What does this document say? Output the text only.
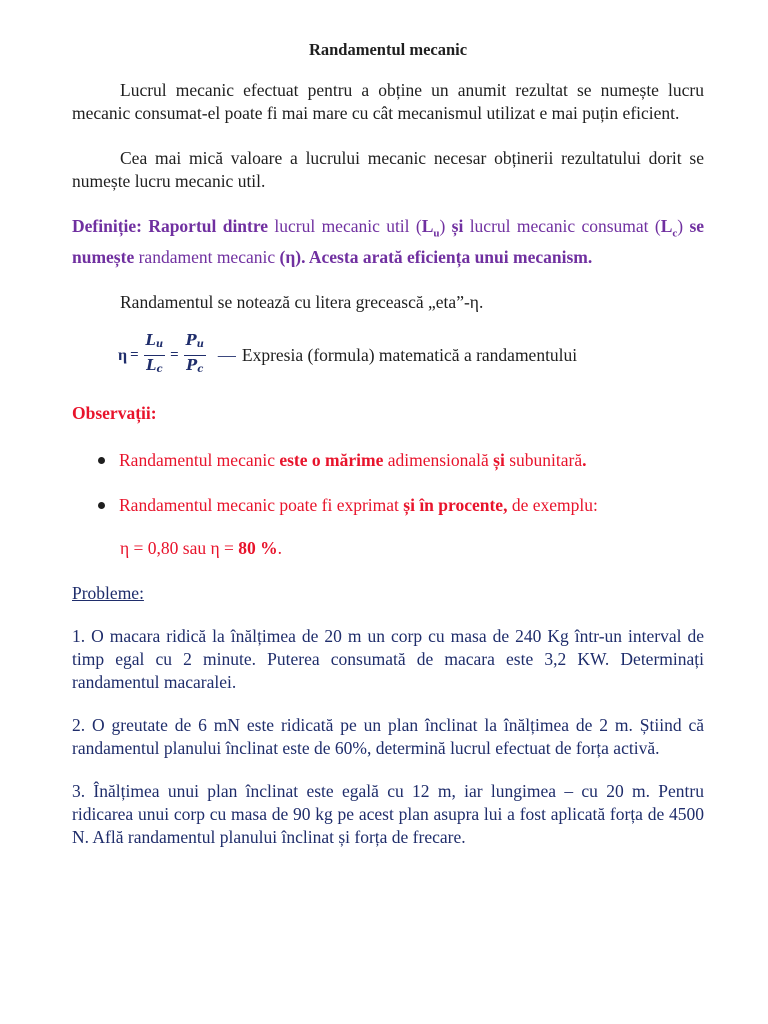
Randamentul mecanic

Lucrul mecanic efectuat pentru a obține un anumit rezultat se numește lucru mecanic consumat-el poate fi mai mare cu cât mecanismul utilizat e mai puțin eficient.

Cea mai mică valoare a lucrului mecanic necesar obținerii rezultatului dorit se numește lucru mecanic util.

Definiție: Raportul dintre lucrul mecanic util $(L_u)$ și lucrul mecanic consumat $(L_c)$ se numește randament mecanic (η). Acesta arată eficiența unui mecanism.

Randamentul se notează cu litera grecească „eta”-η.

$\eta = \frac{L_u}{L_c} = \frac{P_u}{P_c}$ — Expresia (formula) matematică a randamentului

Observații:

Randamentul mecanic este o mărime adimensională și subunitară.
Randamentul mecanic poate fi exprimat și în procente, de exemplu:

η = 0,80 sau η = 80 %.

Probleme:

1. O macara ridică la înălțimea de 20 m un corp cu masa de 240 Kg într-un interval de timp egal cu 2 minute. Puterea consumată de macara este 3,2 KW. Determinați randamentul macaralei.

2. O greutate de 6 mN este ridicată pe un plan înclinat la înălțimea de 2 m. Știind că randamentul planului înclinat este de 60%, determină lucrul efectuat de forța activă.

3. Înălțimea unui plan înclinat este egală cu 12 m, iar lungimea – cu 20 m. Pentru ridicarea unui corp cu masa de 90 kg pe acest plan asupra lui a fost aplicată forța de 4500 N. Află randamentul planului înclinat și forța de frecare.
